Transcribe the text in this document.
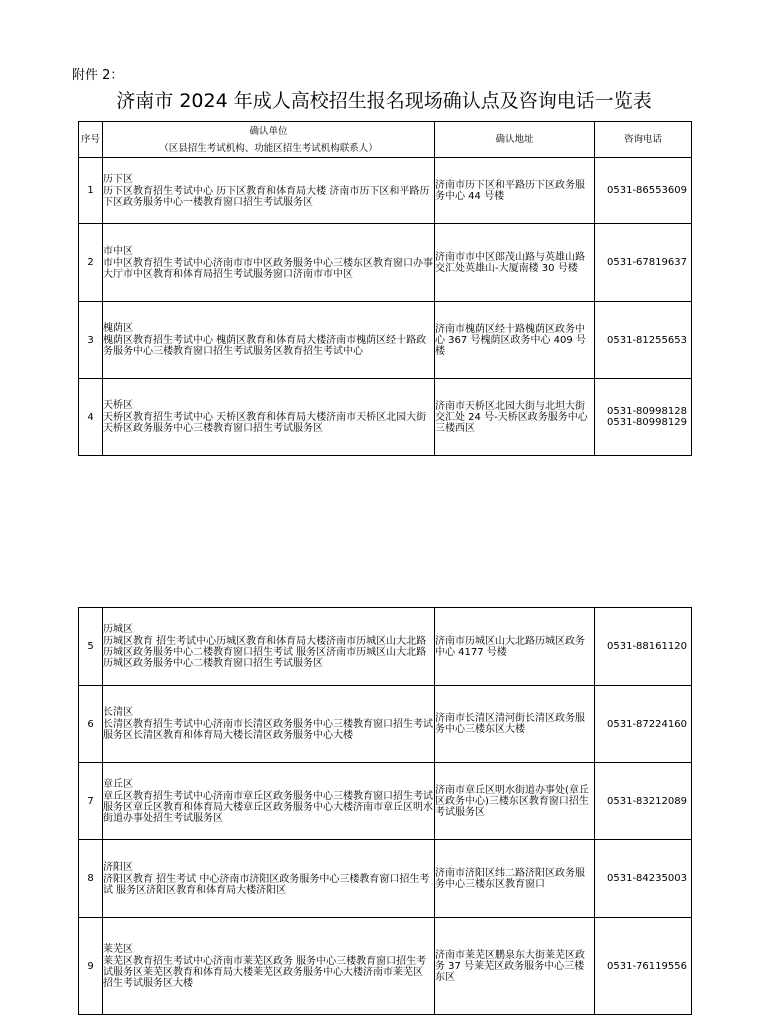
附件 2：
济南市 2024 年成人高校招生报名现场确认点及咨询电话一览表
序号	确认单位
（区县招生考试机构、功能区招生考试机构联系人）	确认地址	咨询电话
1	历下区
历下区教育招生考试中心 历下区教育和体育局大楼 济南市历下区和平路历下区政务服务中心一楼教育窗口招生考试服务区	济南市历下区和平路历下区政务服务中心 44 号楼	0531-86553609
2	市中区
市中区教育招生考试中心济南市市中区政务服务中心三楼东区教育窗口办事大厅市中区教育和体育局招生考试服务窗口济南市市中区	济南市市中区郎茂山路与英雄山路交汇处英雄山-大厦南楼 30 号楼	0531-67819637
3	槐荫区
槐荫区教育招生考试中心 槐荫区教育和体育局大楼济南市槐荫区经十路政务服务中心三楼教育窗口招生考试服务区教育招生考试中心	济南市槐荫区经十路槐荫区政务中心 367 号槐荫区政务中心 409 号楼	0531-81255653
4	天桥区
天桥区教育招生考试中心 天桥区教育和体育局大楼济南市天桥区北园大街天桥区政务服务中心三楼教育窗口招生考试服务区	济南市天桥区北园大街与北坦大街交汇处 24 号-天桥区政务服务中心三楼西区	0531-80998128
0531-80998129
5	历城区
历城区教育 招生考试中心历城区教育和体育局大楼济南市历城区山大北路历城区政务服务中心二楼教育窗口招生考试 服务区济南市历城区山大北路历城区政务服务中心二楼教育窗口招生考试服务区	济南市历城区山大北路历城区政务中心 4177 号楼	0531-88161120
6	长清区
长清区教育招生考试中心济南市长清区政务服务中心三楼教育窗口招生考试服务区长清区教育和体育局大楼长清区政务服务中心大楼	济南市长清区清河街长清区政务服务中心三楼东区大楼	0531-87224160
7	章丘区
章丘区教育招生考试中心济南市章丘区政务服务中心三楼教育窗口招生考试服务区章丘区教育和体育局大楼章丘区政务服务中心大楼济南市章丘区明水街道办事处招生考试服务区	济南市章丘区明水街道办事处(章丘区政务中心)三楼东区教育窗口招生考试服务区	0531-83212089
8	济阳区
济阳区教育 招生考试 中心济南市济阳区政务服务中心三楼教育窗口招生考试 服务区济阳区教育和体育局大楼济阳区	济南市济阳区纬二路济阳区政务服务中心三楼东区教育窗口	0531-84235003
9	莱芜区
莱芜区教育招生考试中心济南市莱芜区政务 服务中心三楼教育窗口招生考试服务区莱芜区教育和体育局大楼莱芜区政务服务中心大楼济南市莱芜区 招生考试服务区大楼	济南市莱芜区鹏泉东大街莱芜区政务 37 号莱芜区政务服务中心三楼东区	0531-76119556
